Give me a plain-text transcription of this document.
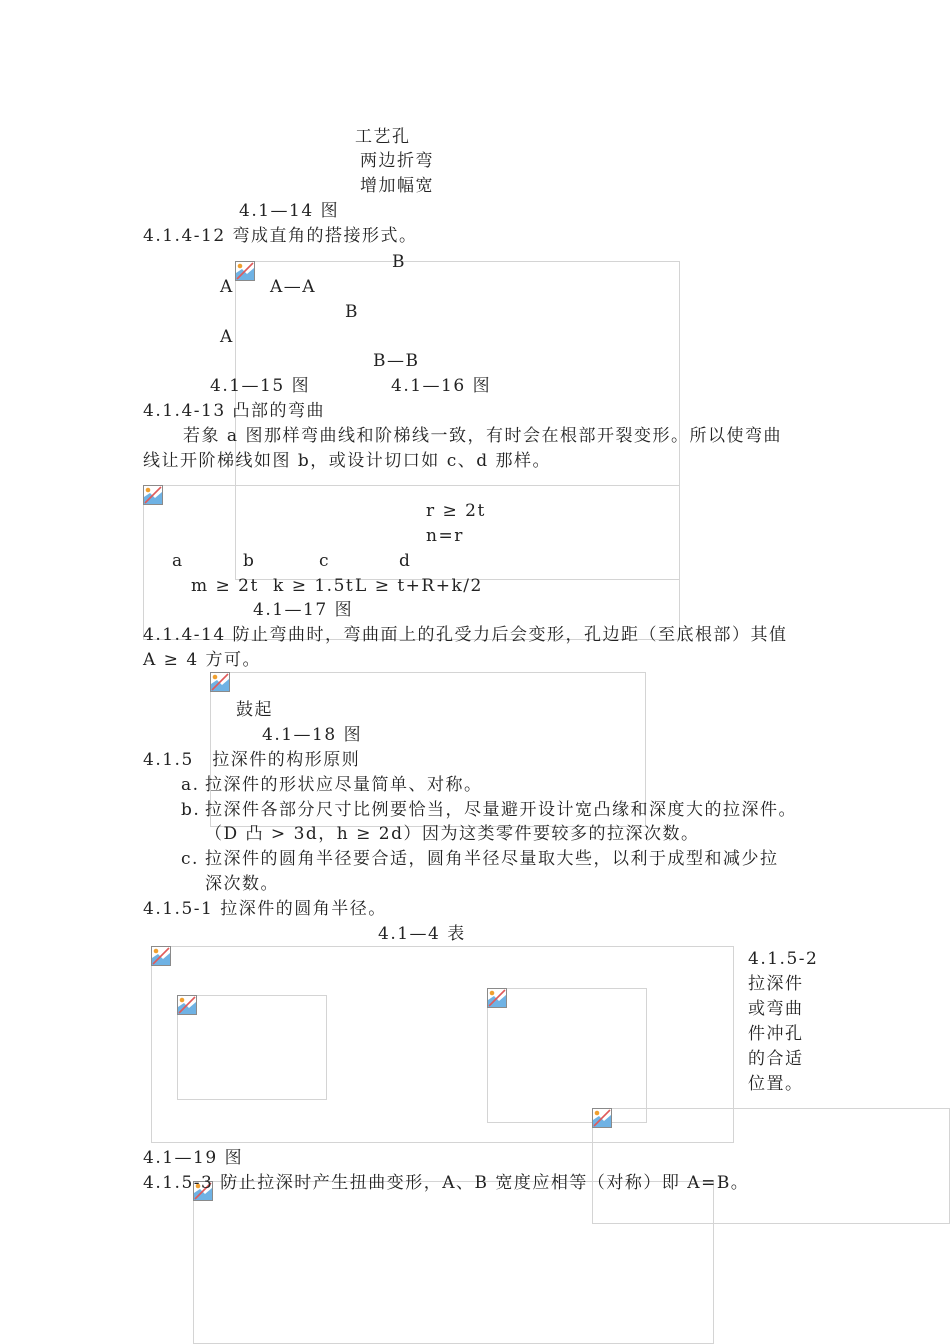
工艺孔
两边折弯
增加幅宽
4.1—14 图
4.1.4-12 弯成直角的搭接形式。
B
A A—A
B
A
B—B
4.1—15 图	4.1—16 图
4.1.4-13 凸部的弯曲
若象 a 图那样弯曲线和阶梯线一致，有时会在根部开裂变形。所以使弯曲
线让开阶梯线如图 b，或设计切口如 c、d 那样。
r ≥ 2t
n=r
a	b	c	d
m ≥ 2t k ≥ 1.5t L ≥ t+R+k/2
4.1—17 图
4.1.4-14 防止弯曲时，弯曲面上的孔受力后会变形，孔边距（至底根部）其值
A ≥ 4 方可。
鼓起
4.1—18 图
4.1.5　拉深件的构形原则
a. 拉深件的形状应尽量简单、对称。
b. 拉深件各部分尺寸比例要恰当，尽量避开设计宽凸缘和深度大的拉深件。
（D 凸 > 3d，h ≥ 2d）因为这类零件要较多的拉深次数。
c. 拉深件的圆角半径要合适，圆角半径尽量取大些，以利于成型和减少拉
深次数。
4.1.5-1 拉深件的圆角半径。
4.1—4 表
4.1.5-2
拉深件
或弯曲
件冲孔
的合适
位置。
4.1—19 图
4.1.5-3 防止拉深时产生扭曲变形，A、B 宽度应相等（对称）即 A=B。
